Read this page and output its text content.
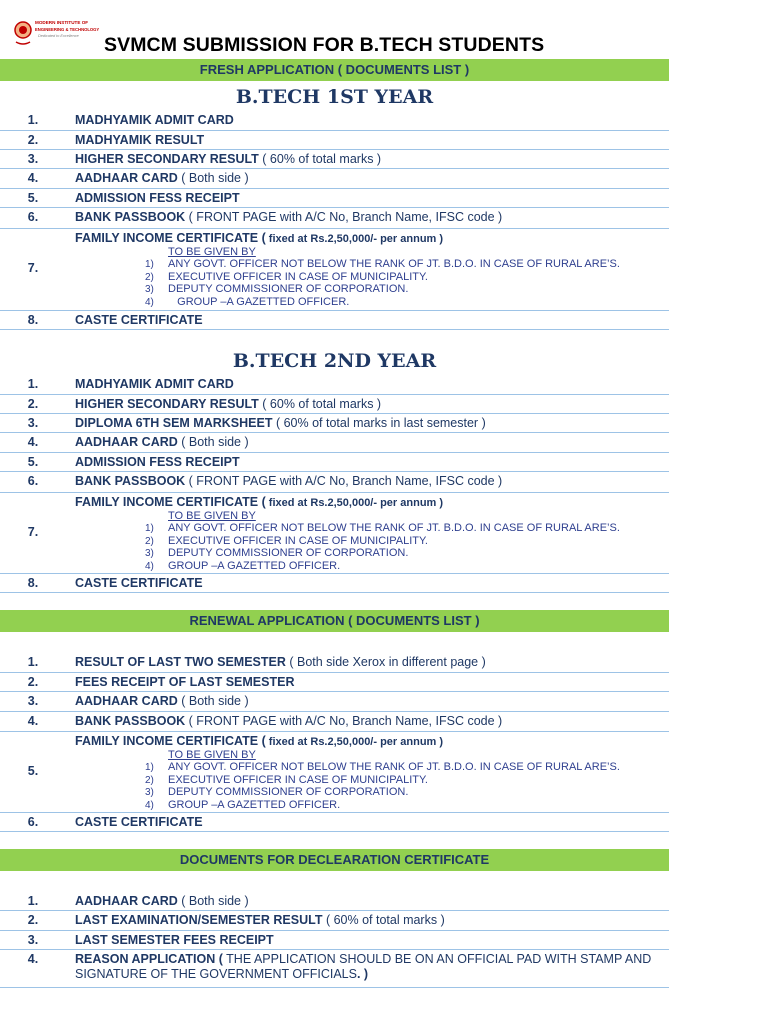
MODERN INSTITUTE OF
ENGINEERING & TECHNOLOGY
Dedicated to Excellence SVMCM SUBMISSION FOR B.TECH STUDENTS
FRESH APPLICATION ( DOCUMENTS LIST )
B.TECH 1ST YEAR
1.	MADHYAMIK ADMIT CARD
2.	MADHYAMIK RESULT
3.	HIGHER SECONDARY RESULT ( 60% of total marks )
4.	AADHAAR CARD ( Both side )
5.	ADMISSION FESS RECEIPT
6.	BANK PASSBOOK ( FRONT PAGE with A/C No, Branch Name, IFSC code )
7.
FAMILY INCOME CERTIFICATE ( fixed at Rs.2,50,000/- per annum )
TO BE GIVEN BY
1) ANY GOVT. OFFICER NOT BELOW THE RANK OF JT. B.D.O. IN CASE OF RURAL ARE’S.
2) EXECUTIVE OFFICER IN CASE OF MUNICIPALITY.
3) DEPUTY COMMISSIONER OF CORPORATION.
4)   GROUP –A GAZETTED OFFICER.
8.	CASTE CERTIFICATE
B.TECH 2ND YEAR
1.	MADHYAMIK ADMIT CARD
2.	HIGHER SECONDARY RESULT ( 60% of total marks )
3.	DIPLOMA 6TH SEM MARKSHEET ( 60% of total marks in last semester )
4.	AADHAAR CARD ( Both side )
5.	ADMISSION FESS RECEIPT
6.	BANK PASSBOOK ( FRONT PAGE with A/C No, Branch Name, IFSC code )
7.
FAMILY INCOME CERTIFICATE ( fixed at Rs.2,50,000/- per annum )
TO BE GIVEN BY
1) ANY GOVT. OFFICER NOT BELOW THE RANK OF JT. B.D.O. IN CASE OF RURAL ARE’S.
2) EXECUTIVE OFFICER IN CASE OF MUNICIPALITY.
3) DEPUTY COMMISSIONER OF CORPORATION.
4) GROUP –A GAZETTED OFFICER.
8.	CASTE CERTIFICATE
RENEWAL APPLICATION ( DOCUMENTS LIST )
1.	RESULT OF LAST TWO SEMESTER ( Both side Xerox in different page )
2.	FEES RECEIPT OF LAST SEMESTER
3.	AADHAAR CARD ( Both side )
4.	BANK PASSBOOK ( FRONT PAGE with A/C No, Branch Name, IFSC code )
5.
FAMILY INCOME CERTIFICATE ( fixed at Rs.2,50,000/- per annum )
TO BE GIVEN BY
1) ANY GOVT. OFFICER NOT BELOW THE RANK OF JT. B.D.O. IN CASE OF RURAL ARE’S.
2) EXECUTIVE OFFICER IN CASE OF MUNICIPALITY.
3) DEPUTY COMMISSIONER OF CORPORATION.
4) GROUP –A GAZETTED OFFICER.
6.	CASTE CERTIFICATE
DOCUMENTS FOR DECLEARATION CERTIFICATE
1.	AADHAAR CARD ( Both side )
2.	LAST EXAMINATION/SEMESTER RESULT ( 60% of total marks )
3.	LAST SEMESTER FEES RECEIPT
4.	REASON APPLICATION ( THE APPLICATION SHOULD BE ON AN OFFICIAL PAD WITH STAMP AND SIGNATURE OF THE GOVERNMENT OFFICIALS. )
